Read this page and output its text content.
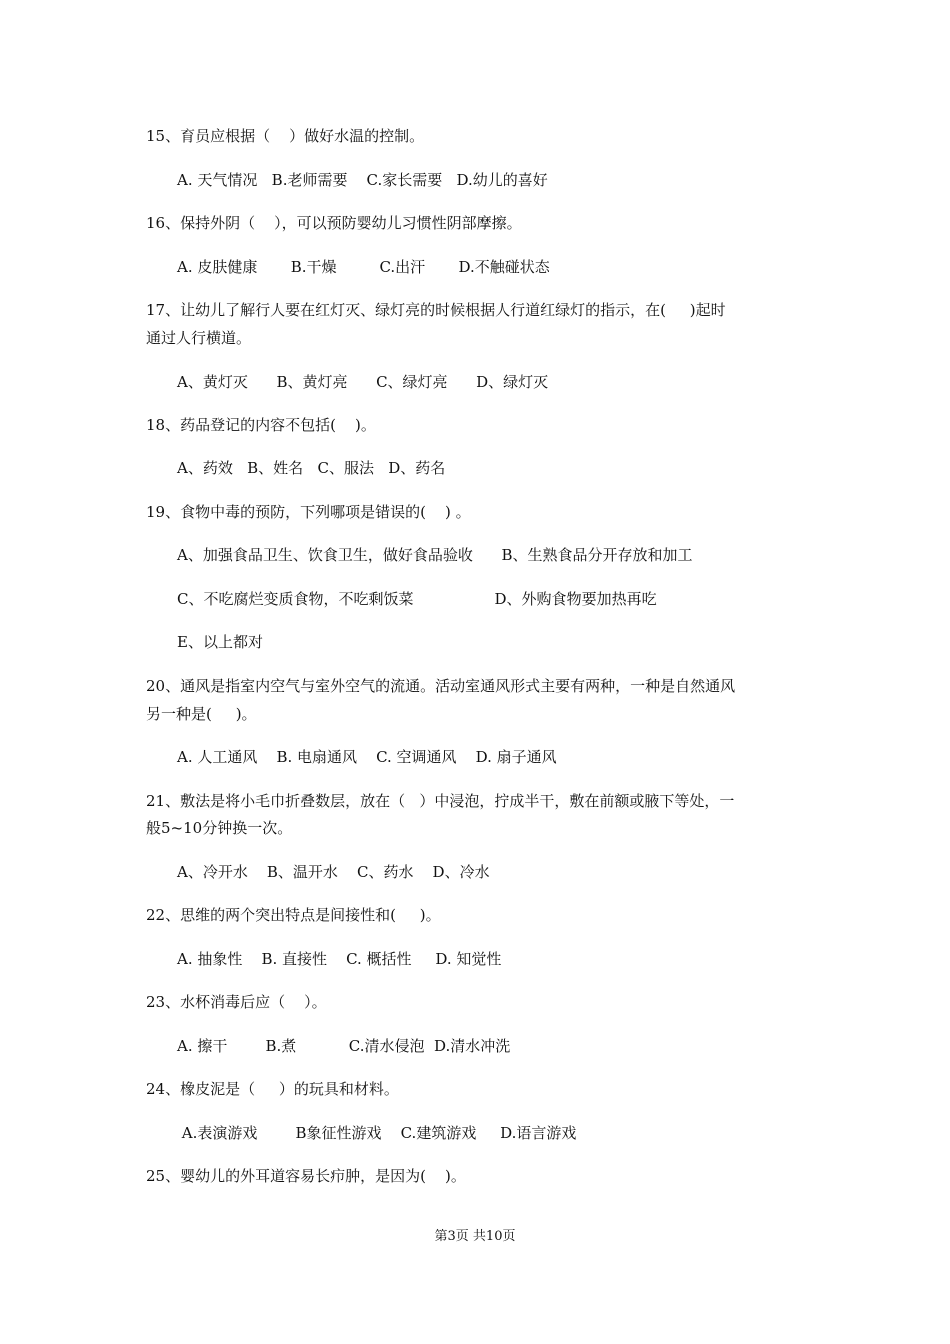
15、育员应根据（    ）做好水温的控制。
A. 天气情况   B.老师需要    C.家长需要   D.幼儿的喜好
16、保持外阴（    ），可以预防婴幼儿习惯性阴部摩擦。
A. 皮肤健康       B.干燥         C.出汗       D.不触碰状态
17、让幼儿了解行人要在红灯灭、绿灯亮的时候根据人行道红绿灯的指示，在(     )起时
通过人行横道。
A、黄灯灭      B、黄灯亮      C、绿灯亮      D、绿灯灭
18、药品登记的内容不包括(    )。
A、药效   B、姓名   C、服法   D、药名
19、食物中毒的预防，下列哪项是错误的(    ) 。
A、加强食品卫生、饮食卫生，做好食品验收      B、生熟食品分开存放和加工
C、不吃腐烂变质食物，不吃剩饭菜                 D、外购食物要加热再吃
E、以上都对
20、通风是指室内空气与室外空气的流通。活动室通风形式主要有两种，一种是自然通风
另一种是(     )。
A. 人工通风    B. 电扇通风    C. 空调通风    D. 扇子通风
21、敷法是将小毛巾折叠数层，放在（   ）中浸泡，拧成半干，敷在前额或腋下等处，一
般5~10分钟换一次。
A、冷开水    B、温开水    C、药水    D、冷水
22、思维的两个突出特点是间接性和(     )。
A. 抽象性    B. 直接性    C. 概括性     D. 知觉性
23、水杯消毒后应（    ）。
A. 擦干        B.煮           C.清水侵泡  D.清水冲洗
24、橡皮泥是（     ）的玩具和材料。
A.表演游戏        B象征性游戏    C.建筑游戏     D.语言游戏
25、婴幼儿的外耳道容易长疖肿，是因为(    )。
第3页 共10页
